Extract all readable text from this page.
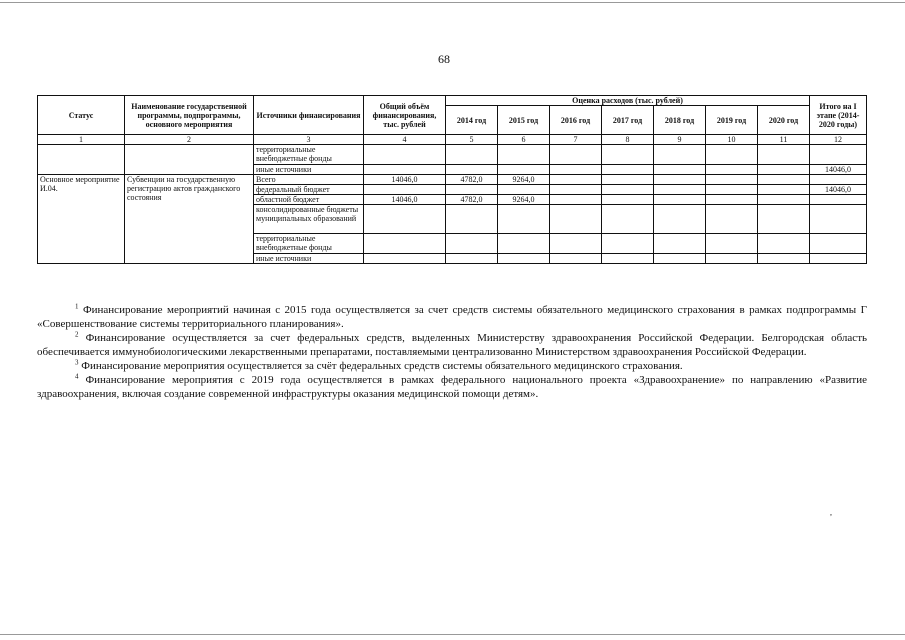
68
Статус	Наименование государственной программы, подпрограммы, основного мероприятия	Источники финансирования	Общий объём финансирования, тыс. рублей	Оценка расходов (тыс. рублей)							Итого на I этапе (2014-2020 годы)
				2014 год	2015 год	2016 год	2017 год	2018 год	2019 год	2020 год	
1	2	3	4	5	6	7	8	9	10	11	12
		территориальные внебюджетные фонды									
		иные источники									14046,0
Основное мероприятие И.04.	Субвенции на государственную регистрацию актов гражданского состояния	Всего	14046,0	4782,0	9264,0						
		федеральный бюджет									14046,0
		областной бюджет	14046,0	4782,0	9264,0						
		консолидированные бюджеты муниципальных образований									
		территориальные внебюджетные фонды									
		иные источники									

$^1$ Финансирование мероприятий начиная с 2015 года осуществляется за счет средств системы обязательного медицинского страхования в рамках подпрограммы Г «Совершенствование системы территориального планирования».

$^2$ Финансирование осуществляется за счет федеральных средств, выделенных Министерству здравоохранения Российской Федерации. Белгородская область обеспечивается иммунобиологическими лекарственными препаратами, поставляемыми централизованно Министерством здравоохранения Российской Федерации.

$^3$ Финансирование мероприятия осуществляется за счёт федеральных средств системы обязательного медицинского страхования.

$^4$ Финансирование мероприятия с 2019 года осуществляется в рамках федерального национального проекта «Здравоохранение» по направлению «Развитие здравоохранения, включая создание современной инфраструктуры оказания медицинской помощи детям».

,
